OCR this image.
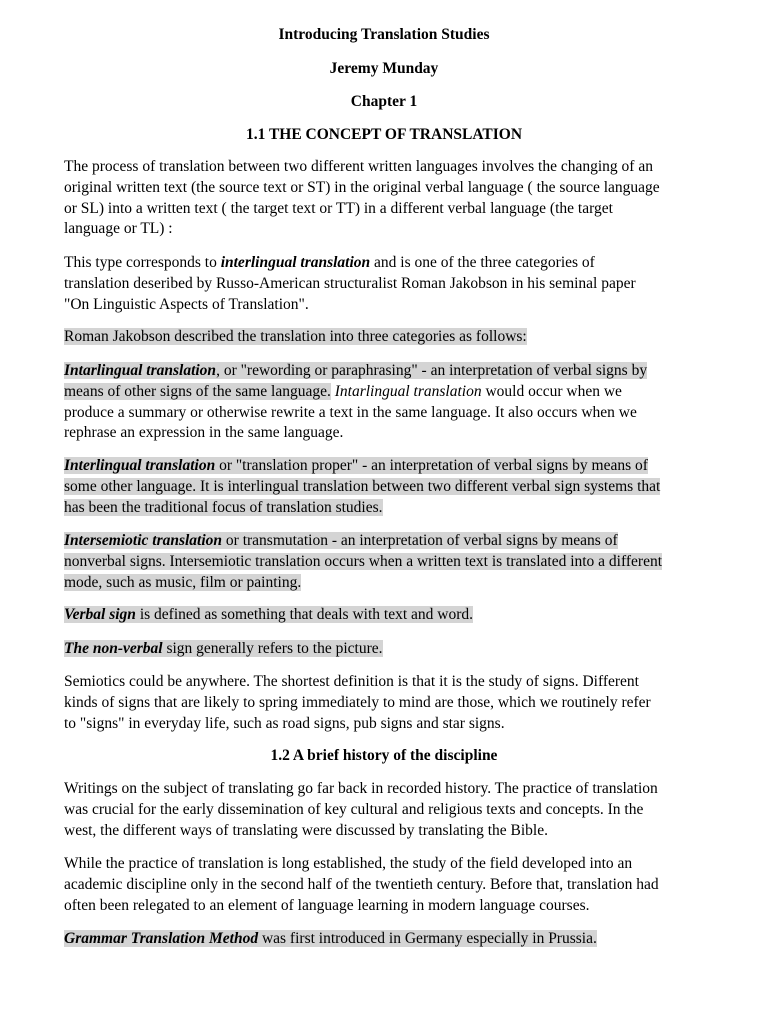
Introducing Translation Studies
Jeremy Munday
Chapter 1
1.1 THE CONCEPT OF TRANSLATION
The process of translation between two different written languages involves the changing of an
original written text (the source text or ST) in the original verbal language ( the source language
or SL) into a written text ( the target text or TT) in a different verbal language (the target
language or TL) :
This type corresponds to interlingual translation and is one of the three categories of
translation deseribed by Russo-American structuralist Roman Jakobson in his seminal paper
"On Linguistic Aspects of Translation".
Roman Jakobson described the translation into three categories as follows:
Intarlingual translation, or "rewording or paraphrasing" - an interpretation of verbal signs by
means of other signs of the same language. Intarlingual translation would occur when we
produce a summary or otherwise rewrite a text in the same language. It also occurs when we
rephrase an expression in the same language.
Interlingual translation or "translation proper" - an interpretation of verbal signs by means of
some other language. It is interlingual translation between two different verbal sign systems that
has been the traditional focus of translation studies.
Intersemiotic translation or transmutation - an interpretation of verbal signs by means of
nonverbal signs. Intersemiotic translation occurs when a written text is translated into a different
mode, such as music, film or painting.
Verbal sign is defined as something that deals with text and word.
The non-verbal sign generally refers to the picture.
Semiotics could be anywhere. The shortest definition is that it is the study of signs. Different
kinds of signs that are likely to spring immediately to mind are those, which we routinely refer
to "signs" in everyday life, such as road signs, pub signs and star signs.
1.2 A brief history of the discipline
Writings on the subject of translating go far back in recorded history. The practice of translation
was crucial for the early dissemination of key cultural and religious texts and concepts. In the
west, the different ways of translating were discussed by translating the Bible.
While the practice of translation is long established, the study of the field developed into an
academic discipline only in the second half of the twentieth century. Before that, translation had
often been relegated to an element of language learning in modern language courses.
Grammar Translation Method was first introduced in Germany especially in Prussia.
